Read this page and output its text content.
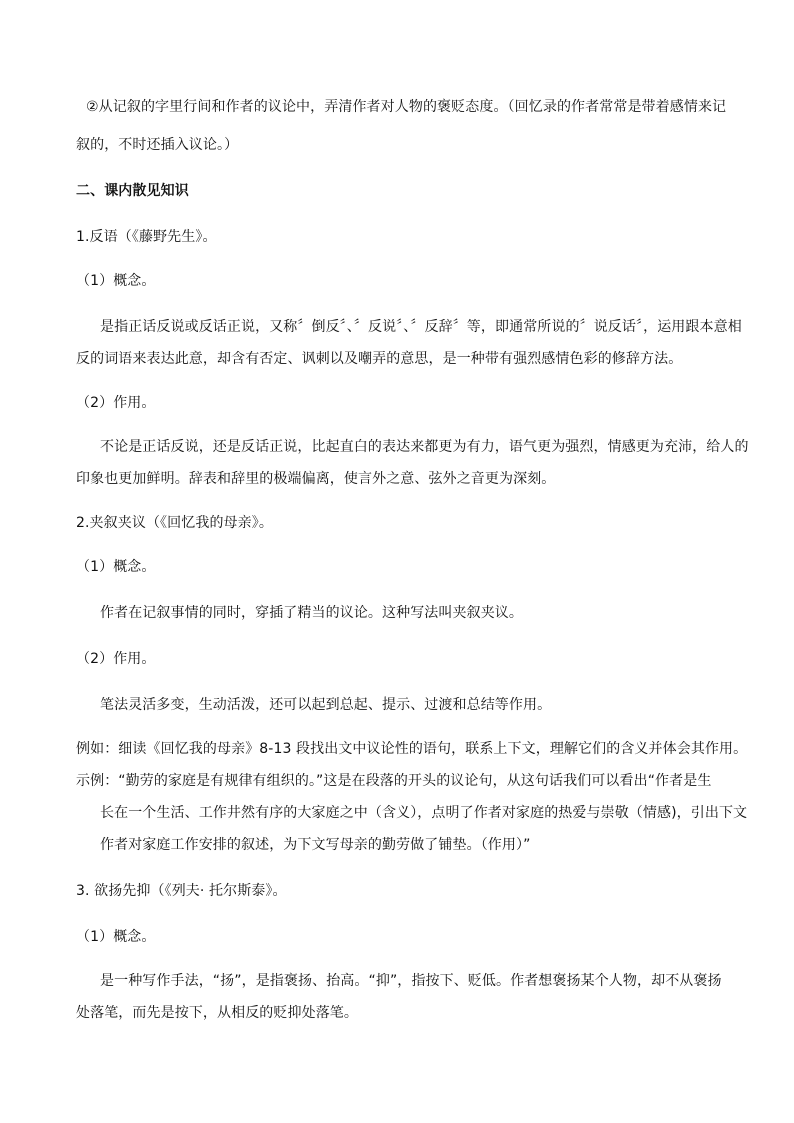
②从记叙的字里行间和作者的议论中，弄清作者对人物的褒贬态度。（回忆录的作者常常是带着感情来记
叙的，不时还插入议论。）
二、课内散见知识
1.反语（《藤野先生》。
（1）概念。
是指正话反说或反话正说，又称〞倒反〞、〞反说〞、〞反辞〞等，即通常所说的〞说反话〞，运用跟本意相
反的词语来表达此意，却含有否定、讽刺以及嘲弄的意思，是一种带有强烈感情色彩的修辞方法。
（2）作用。
不论是正话反说，还是反话正说，比起直白的表达来都更为有力，语气更为强烈，情感更为充沛，给人的
印象也更加鲜明。辞表和辞里的极端偏离，使言外之意、弦外之音更为深刻。
2.夹叙夹议（《回忆我的母亲》。
（1）概念。
作者在记叙事情的同时，穿插了精当的议论。这种写法叫夹叙夹议。
（2）作用。
笔法灵活多变，生动活泼，还可以起到总起、提示、过渡和总结等作用。
例如：细读《回忆我的母亲》8-13 段找出文中议论性的语句，联系上下文，理解它们的含义并体会其作用。
示例：“勤劳的家庭是有规律有组织的。”这是在段落的开头的议论句，从这句话我们可以看出“作者是生
长在一个生活、工作井然有序的大家庭之中（含义），点明了作者对家庭的热爱与崇敬（情感)，引出下文
作者对家庭工作安排的叙述，为下文写母亲的勤劳做了铺垫。（作用）”
3. 欲扬先抑（《列夫· 托尔斯泰》。
（1）概念。
是一种写作手法，“扬”，是指褒扬、抬高。“抑”，指按下、贬低。作者想褒扬某个人物，却不从褒扬
处落笔，而先是按下，从相反的贬抑处落笔。
